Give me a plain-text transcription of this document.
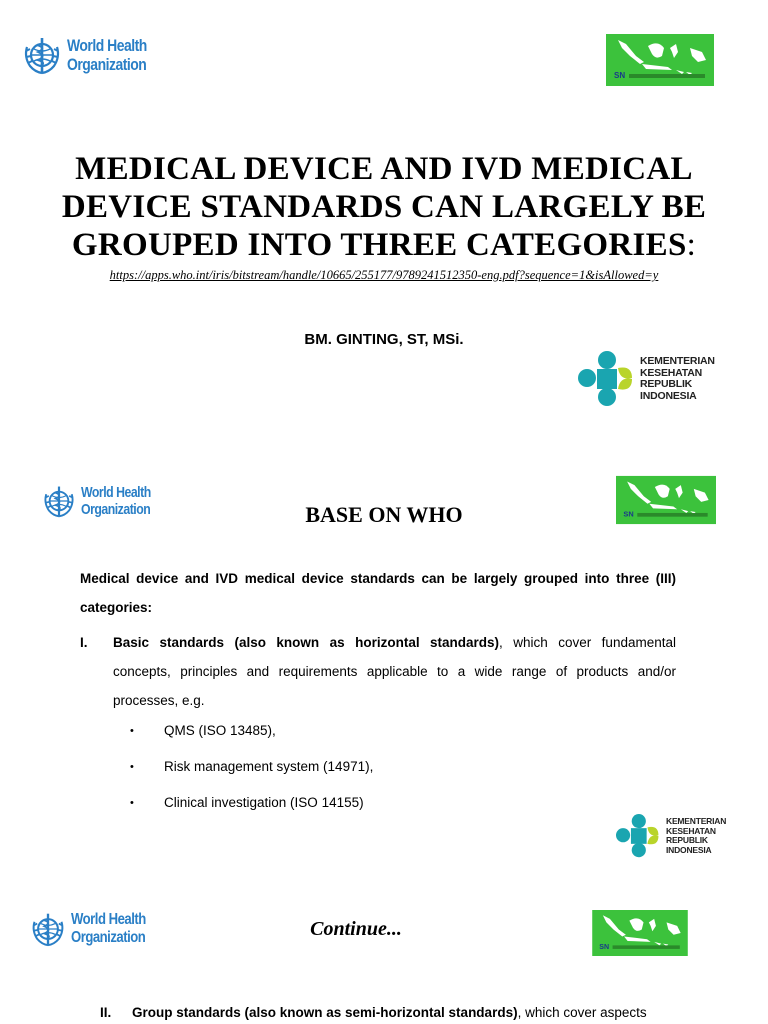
World Health
Organization
MEDICAL DEVICE AND IVD MEDICAL DEVICE STANDARDS CAN LARGELY BE GROUPED INTO THREE CATEGORIES:
https://apps.who.int/iris/bitstream/handle/10665/255177/9789241512350-eng.pdf?sequence=1&isAllowed=y
BM. GINTING, ST, MSi.
KEMENTERIAN
KESEHATAN
REPUBLIK
INDONESIA
World Health
Organization	BASE ON WHO

Medical device and IVD medical device standards can be largely grouped into three (III) categories:

I. Basic standards (also known as horizontal standards), which cover fundamental concepts, principles and requirements applicable to a wide range of products and/or processes, e.g.
•	QMS (ISO 13485),
•	Risk management system (14971),
•	Clinical investigation (ISO 14155)
KEMENTERIAN
KESEHATAN
REPUBLIK
INDONESIA
World Health
Organization	Continue...
II. Group standards (also known as semi-horizontal standards), which cover aspects
